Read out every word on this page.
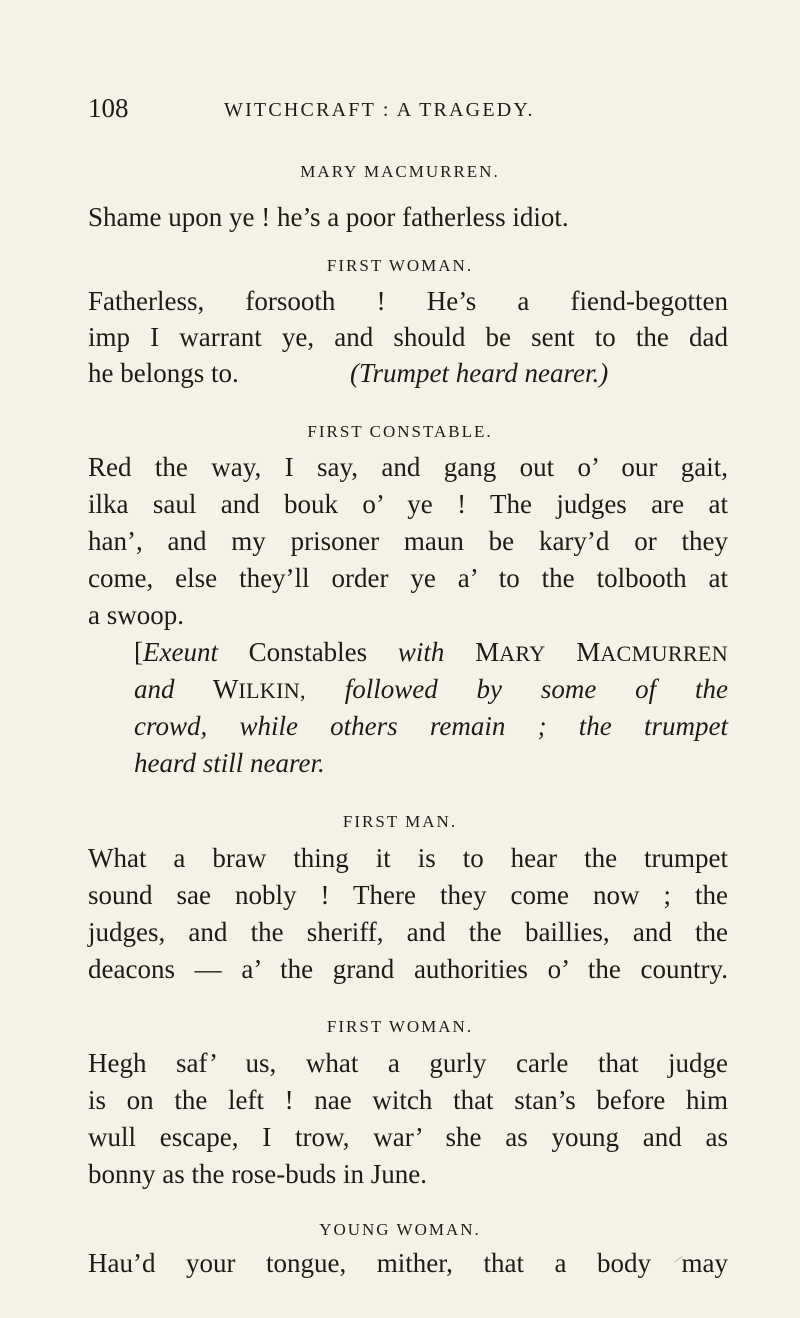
108	WITCHCRAFT : A TRAGEDY.
MARY MACMURREN.
Shame upon ye ! he’s a poor fatherless idiot.
FIRST WOMAN.
Fatherless, forsooth ! He’s a fiend-begotten
imp I warrant ye, and should be sent to the dad
he belongs to.	(Trumpet heard nearer.)
FIRST CONSTABLE.
Red the way, I say, and gang out o’ our gait,
ilka saul and bouk o’ ye ! The judges are at
han’, and my prisoner maun be kary’d or they
come, else they’ll order ye a’ to the tolbooth at
a swoop.
[Exeunt Constables with MARY MACMURREN
and WILKIN, followed by some of the
crowd, while others remain ; the trumpet
heard still nearer.
FIRST MAN.
What a braw thing it is to hear the trumpet
sound sae nobly ! There they come now ; the
judges, and the sheriff, and the baillies, and the
deacons — a’ the grand authorities o’ the country.
FIRST WOMAN.
Hegh saf’ us, what a gurly carle that judge
is on the left ! nae witch that stan’s before him
wull escape, I trow, war’ she as young and as
bonny as the rose-buds in June.
YOUNG WOMAN.
Hau’d your tongue, mither, that a body may
